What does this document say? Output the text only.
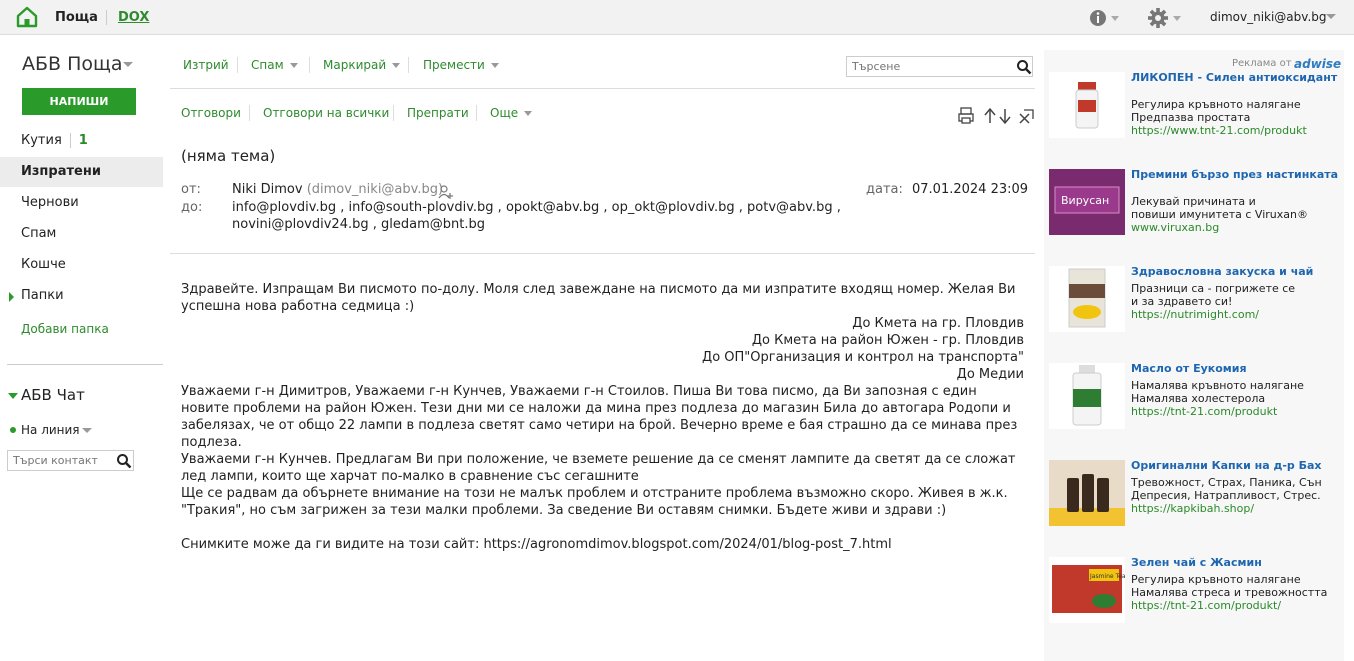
Поща DOX	dimov_niki@abv.bg
АБВ Поща
НАПИШИ
Кутия 1
Изпратени
Чернови
Спам
Кошче
Папки
Добави папка
АБВ Чат
На линия
Търси контакт
Изтрий Спам	Маркирай	Премести
Търсене
Отговори Отговори на всички Препрати Още
(няма тема)
от: Niki Dimov (dimov_niki@abv.bg)
до: info@plovdiv.bg , info@south-plovdiv.bg , opokt@abv.bg , op_okt@plovdiv.bg , potv@abv.bg ,
novini@plovdiv24.bg , gledam@bnt.bg
дата: 07.01.2024 23:09
Здравейте. Изпращам Ви писмото по-долу. Моля след завеждане на писмото да ми изпратите входящ номер. Желая Ви успешна нова работна седмица :)
До Кмета на гр. Пловдив
До Кмета на район Южен - гр. Пловдив
До ОП"Организация и контрол на транспорта"
До Медии
Уважаеми г-н Димитров, Уважаеми г-н Кунчев, Уважаеми г-н Стоилов. Пиша Ви това писмо, да Ви запозная с един новите проблеми на район Южен. Тези дни ми се наложи да мина през подлеза до магазин Била до автогара Родопи и забелязах, че от общо 22 лампи в подлеза светят само четири на брой. Вечерно време е бая страшно да се минава през подлеза.
Уважаеми г-н Кунчев. Предлагам Ви при положение, че вземете решение да се сменят лампите да светят да се сложат лед лампи, които ще харчат по-малко в сравнение със сегашните
Ще се радвам да обърнете внимание на този не малък проблем и отстраните проблема възможно скоро. Живея в ж.к. "Тракия", но съм загрижен за тези малки проблеми. За сведение Ви оставям снимки. Бъдете живи и здрави :)
Снимките може да ги видите на този сайт: https://agronomdimov.blogspot.com/2024/01/blog-post_7.html
Реклама от adwise
ЛИКОПЕН - Силен антиоксидант
Регулира кръвното налягане
Предпазва простата
https://www.tnt-21.com/produkt
Вирусан
Премини бързо през настинката
Лекувай причината и
повиши имунитета с Viruxan®
www.viruxan.bg
Здравословна закуска и чай
Празници са - погрижете се
и за здравето си!
https://nutrimight.com/
Масло от Еукомия
Намалява кръвното налягане
Намалява холестерола
https://tnt-21.com/produkt
Оригинални Капки на д-р Бах
Тревожност, Страх, Паника, Сън
Депресия, Натрапливост, Стрес.
https://kapkibah.shop/
Jasmine Tea
Зелен чай с Жасмин
Регулира кръвното налягане
Намалява стреса и тревожността
https://tnt-21.com/produkt/
